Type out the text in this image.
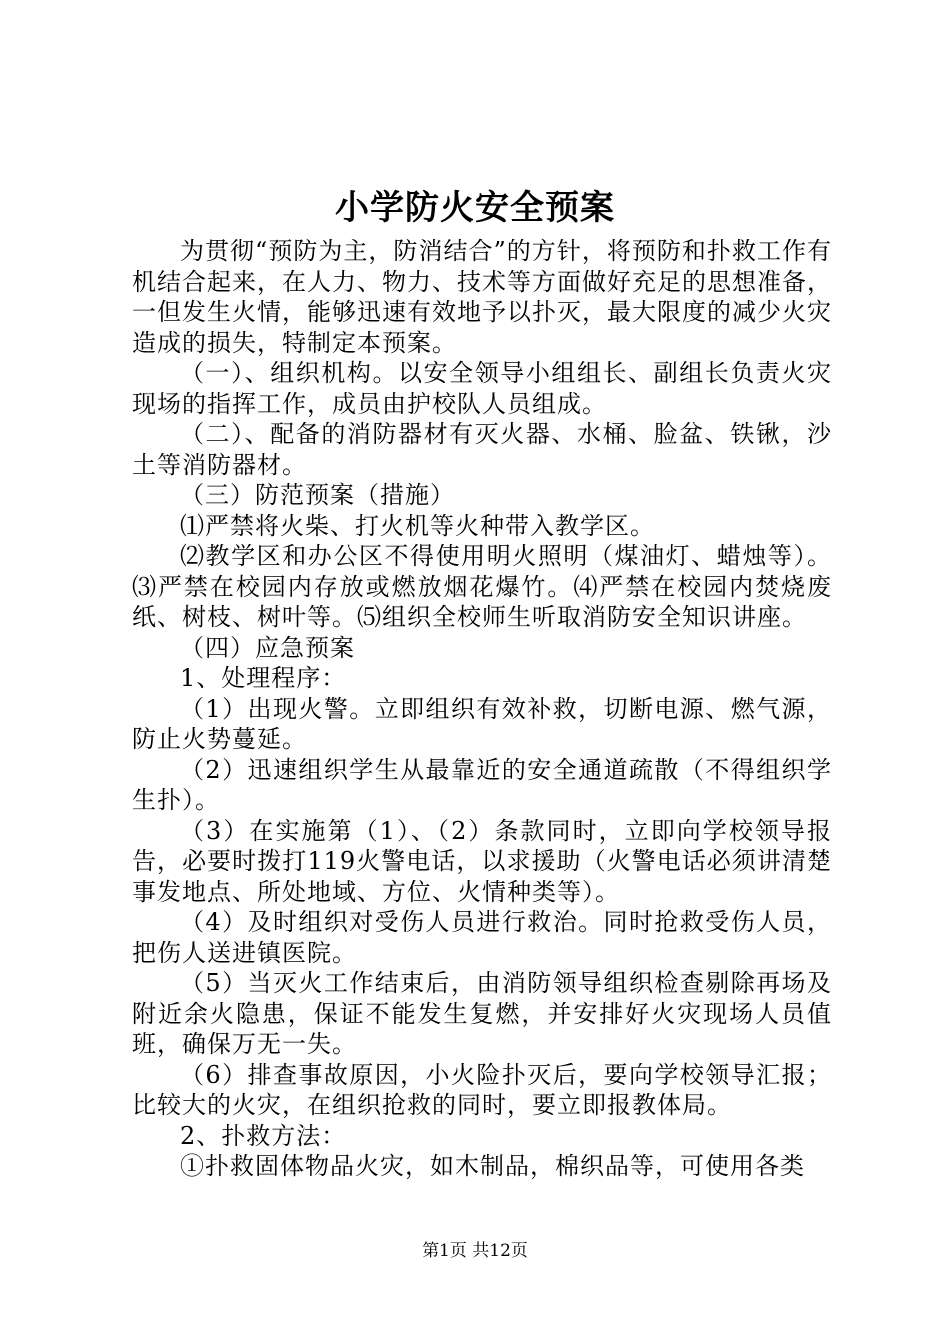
小学防火安全预案

为贯彻“预防为主，防消结合”的方针，将预防和扑救工作有机结合起来，在人力、物力、技术等方面做好充足的思想准备，一但发生火情，能够迅速有效地予以扑灭，最大限度的减少火灾造成的损失，特制定本预案。

（一）、组织机构。以安全领导小组组长、副组长负责火灾现场的指挥工作，成员由护校队人员组成。

（二）、配备的消防器材有灭火器、水桶、脸盆、铁锹，沙土等消防器材。

（三）防范预案（措施）

⑴严禁将火柴、打火机等火种带入教学区。

⑵教学区和办公区不得使用明火照明（煤油灯、蜡烛等）。⑶严禁在校园内存放或燃放烟花爆竹。⑷严禁在校园内焚烧废纸、树枝、树叶等。⑸组织全校师生听取消防安全知识讲座。

（四）应急预案

1、处理程序：

（1）出现火警。立即组织有效补救，切断电源、燃气源，防止火势蔓延。

（2）迅速组织学生从最靠近的安全通道疏散（不得组织学生扑）。

（3）在实施第（1）、（2）条款同时，立即向学校领导报告，必要时拨打119火警电话，以求援助（火警电话必须讲清楚事发地点、所处地域、方位、火情种类等）。

（4）及时组织对受伤人员进行救治。同时抢救受伤人员，把伤人送进镇医院。

（5）当灭火工作结束后，由消防领导组织检查剔除再场及附近余火隐患，保证不能发生复燃，并安排好火灾现场人员值班，确保万无一失。

（6）排查事故原因，小火险扑灭后，要向学校领导汇报；比较大的火灾，在组织抢救的同时，要立即报教体局。

2、扑救方法：

①扑救固体物品火灾，如木制品，棉织品等，可使用各类

第1页 共12页
